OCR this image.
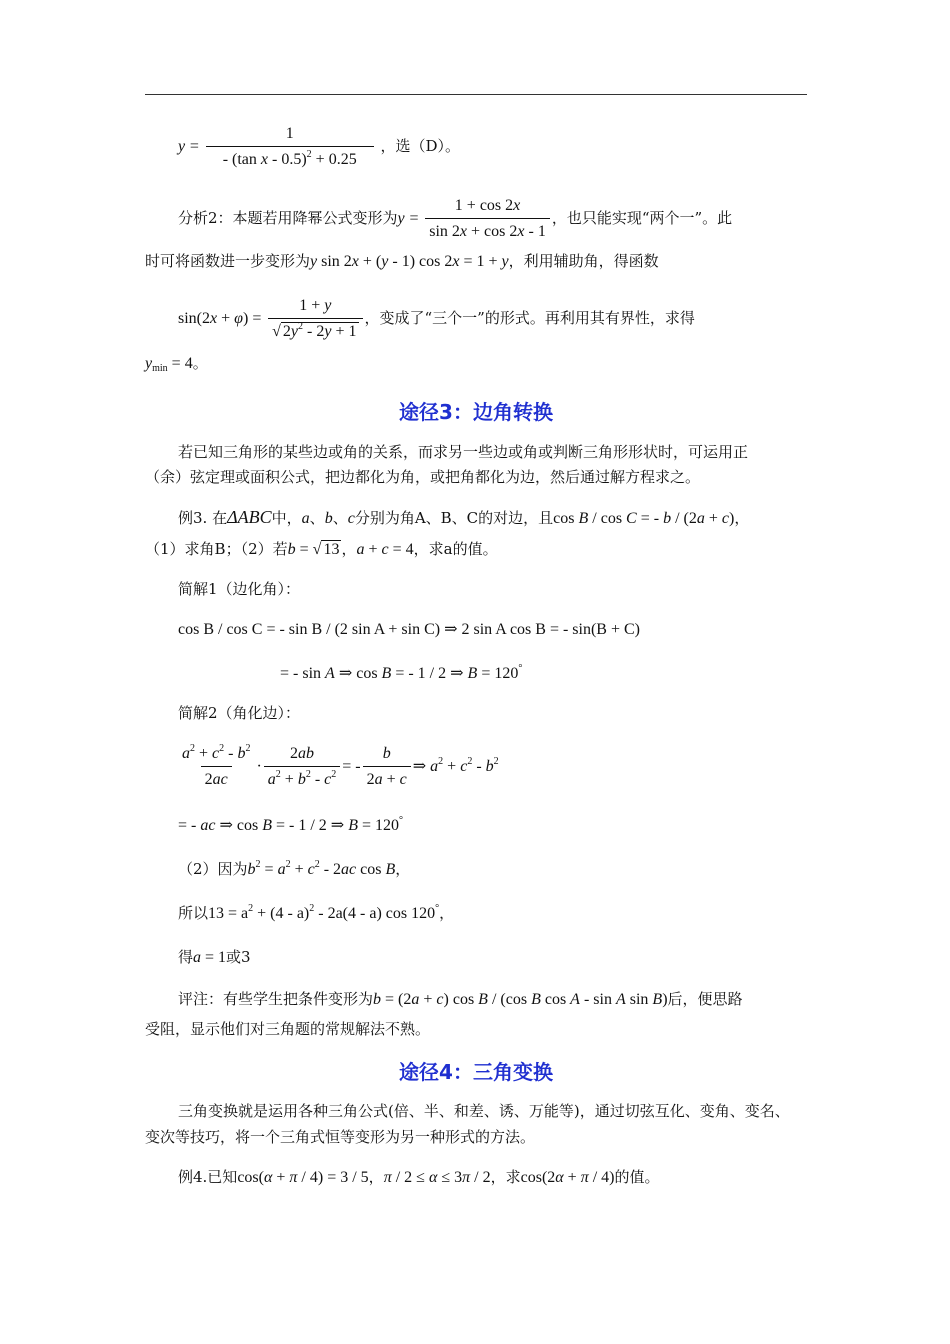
$y = \frac{1}{- (\tan x - 0.5)^2 + 0.25}$ ，选（D）。
分析2：本题若用降幂公式变形为$y = \frac{1 + \cos 2x}{\sin 2x + \cos 2x - 1}$ ，也只能实现“两个一”。此
时可将函数进一步变形为y sin 2x + (y - 1) cos 2x = 1 + y，利用辅助角，得函数
$\sin(2x + \varphi) = \frac{1 + y}{√ 2y^2 - 2y + 1}$ ，变成了“三个一”的形式。再利用其有界性，求得
$y_{min} = 4$。
途径3：边角转换
若已知三角形的某些边或角的关系，而求另一些边或角或判断三角形形状时，可运用正
（余）弦定理或面积公式，把边都化为角，或把角都化为边，然后通过解方程求之。
例3. 在ΔABC中，a、b、c分别为角A、B、C的对边，且cos B / cos C = - b / (2a + c)，
（1）求角B；（2）若b = √ 13 ，a + c = 4，求a的值。
简解1（边化角）：
cos B / cos C = - sin B / (2 sin A + sin C) ⇒ 2 sin A cos B = - sin(B + C)
= - sin A ⇒ cos B = - 1 / 2 ⇒ B = 120°
简解2（角化边）：
$\frac{a^2 + c^2 - b^2}{2ac} \cdot \frac{2ab}{a^2 + b^2 - c^2}$ = - $\frac{b}{2a + c}$ ⇒ $a^2 + c^2 - b^2$
= - ac ⇒ cos B = - 1 / 2 ⇒ B = 120°
（2）因为$b^2 = a^2 + c^2 - 2ac$ cos B，
所以$13 = a^2 + (4 - a)^2 - 2a(4 - a)$ cos 120°，
得a = 1或3
评注：有些学生把条件变形为b = (2a + c) cos B / (cos B cos A - sin A sin B)后，便思路
受阻，显示他们对三角题的常规解法不熟。
途径4：三角变换
三角变换就是运用各种三角公式(倍、半、和差、诱、万能等)，通过切弦互化、变角、变名、
变次等技巧，将一个三角式恒等变形为另一种形式的方法。
例4.已知cos(α + π / 4) = 3 / 5，π / 2 ≤ α ≤ 3π / 2，求cos(2α + π / 4)的值。
